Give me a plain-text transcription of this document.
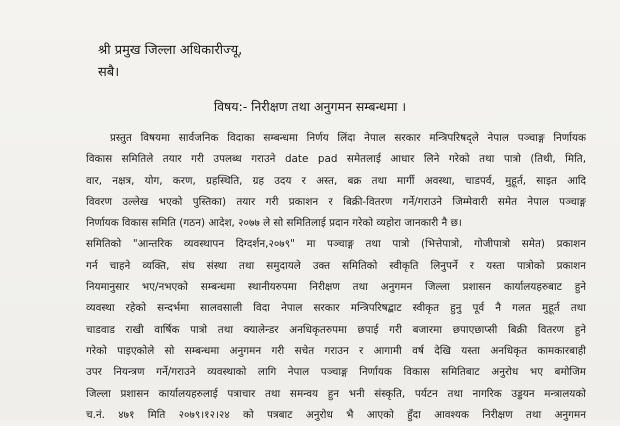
श्री प्रमुख जिल्ला अधिकारीज्यू,
सबै।
विषय:- निरीक्षण तथा अनुगमन सम्बन्धमा ।
प्रस्तुत विषयमा सार्वजनिक विदाका सम्बन्धमा निर्णय लिंदा नेपाल सरकार मन्त्रिपरिषद्ले नेपाल पञ्चाङ्ग निर्णायक
विकास समितिले तयार गरी उपलब्ध गराउने date pad समेतलाई आधार लिने गरेको तथा पात्रो (तिथी, मिति,
वार, नक्षत्र, योग, करण, ग्रहस्थिति, ग्रह उदय र अस्त, बक्र तथा मार्गी अवस्था, चाडपर्व, मुहूर्त, साइत आदि
विवरण उल्लेख भएको पुस्तिका) तयार गरी प्रकाशन र बिक्री-वितरण गर्ने/गराउने जिम्मेवारी समेत नेपाल पञ्चाङ्ग
निर्णायक विकास समिति (गठन) आदेश, २०७७ ले सो समितिलाई प्रदान गरेको व्यहोरा जानकारी नै छ।
समितिको "आन्तरिक व्यवस्थापन दिग्दर्शन,२०७९" मा पञ्चाङ्ग तथा पात्रो (भित्तेपात्रो, गोजीपात्रो समेत) प्रकाशन
गर्न चाहने व्यक्ति, संघ संस्था तथा समुदायले उक्त समितिको स्वीकृति लिनुपर्ने र यस्ता पात्रोको प्रकाशन
नियमानुसार भए/नभएको सम्बन्धमा स्थानीयरुपमा निरीक्षण तथा अनुगमन जिल्ला प्रशासन कार्यालयहरुबाट हुने
व्यवस्था रहेको सन्दर्भमा सालवसाली विदा नेपाल सरकार मन्त्रिपरिषद्बाट स्वीकृत हुनु पूर्व नै गलत मुहूर्त तथा
चाडवाड राखी वार्षिक पात्रो तथा क्यालेन्डर अनधिकृतरुपमा छपाई गरी बजारमा छपाएछाप्सी बिक्री वितरण हुने
गरेको पाइएकोले सो सम्बन्धमा अनुगमन गरी सचेत गराउन र आगामी वर्ष देखि यस्ता अनधिकृत कामकारबाही
उपर नियन्त्रण गर्ने/गराउने व्यवस्थाको लागि नेपाल पञ्चाङ्ग निर्णायक विकास समितिबाट अनुरोध भए बमोजिम
जिल्ला प्रशासन कार्यालयहरुलाई पत्राचार तथा समन्वय हुन भनी संस्कृति, पर्यटन तथा नागरिक उड्डयन मन्त्रालयको
च.नं. ४७१ मिति २०७९।१२।२४ को पत्रबाट अनुरोध भै आएको हुँदा आवश्यक निरीक्षण तथा अनुगमन
